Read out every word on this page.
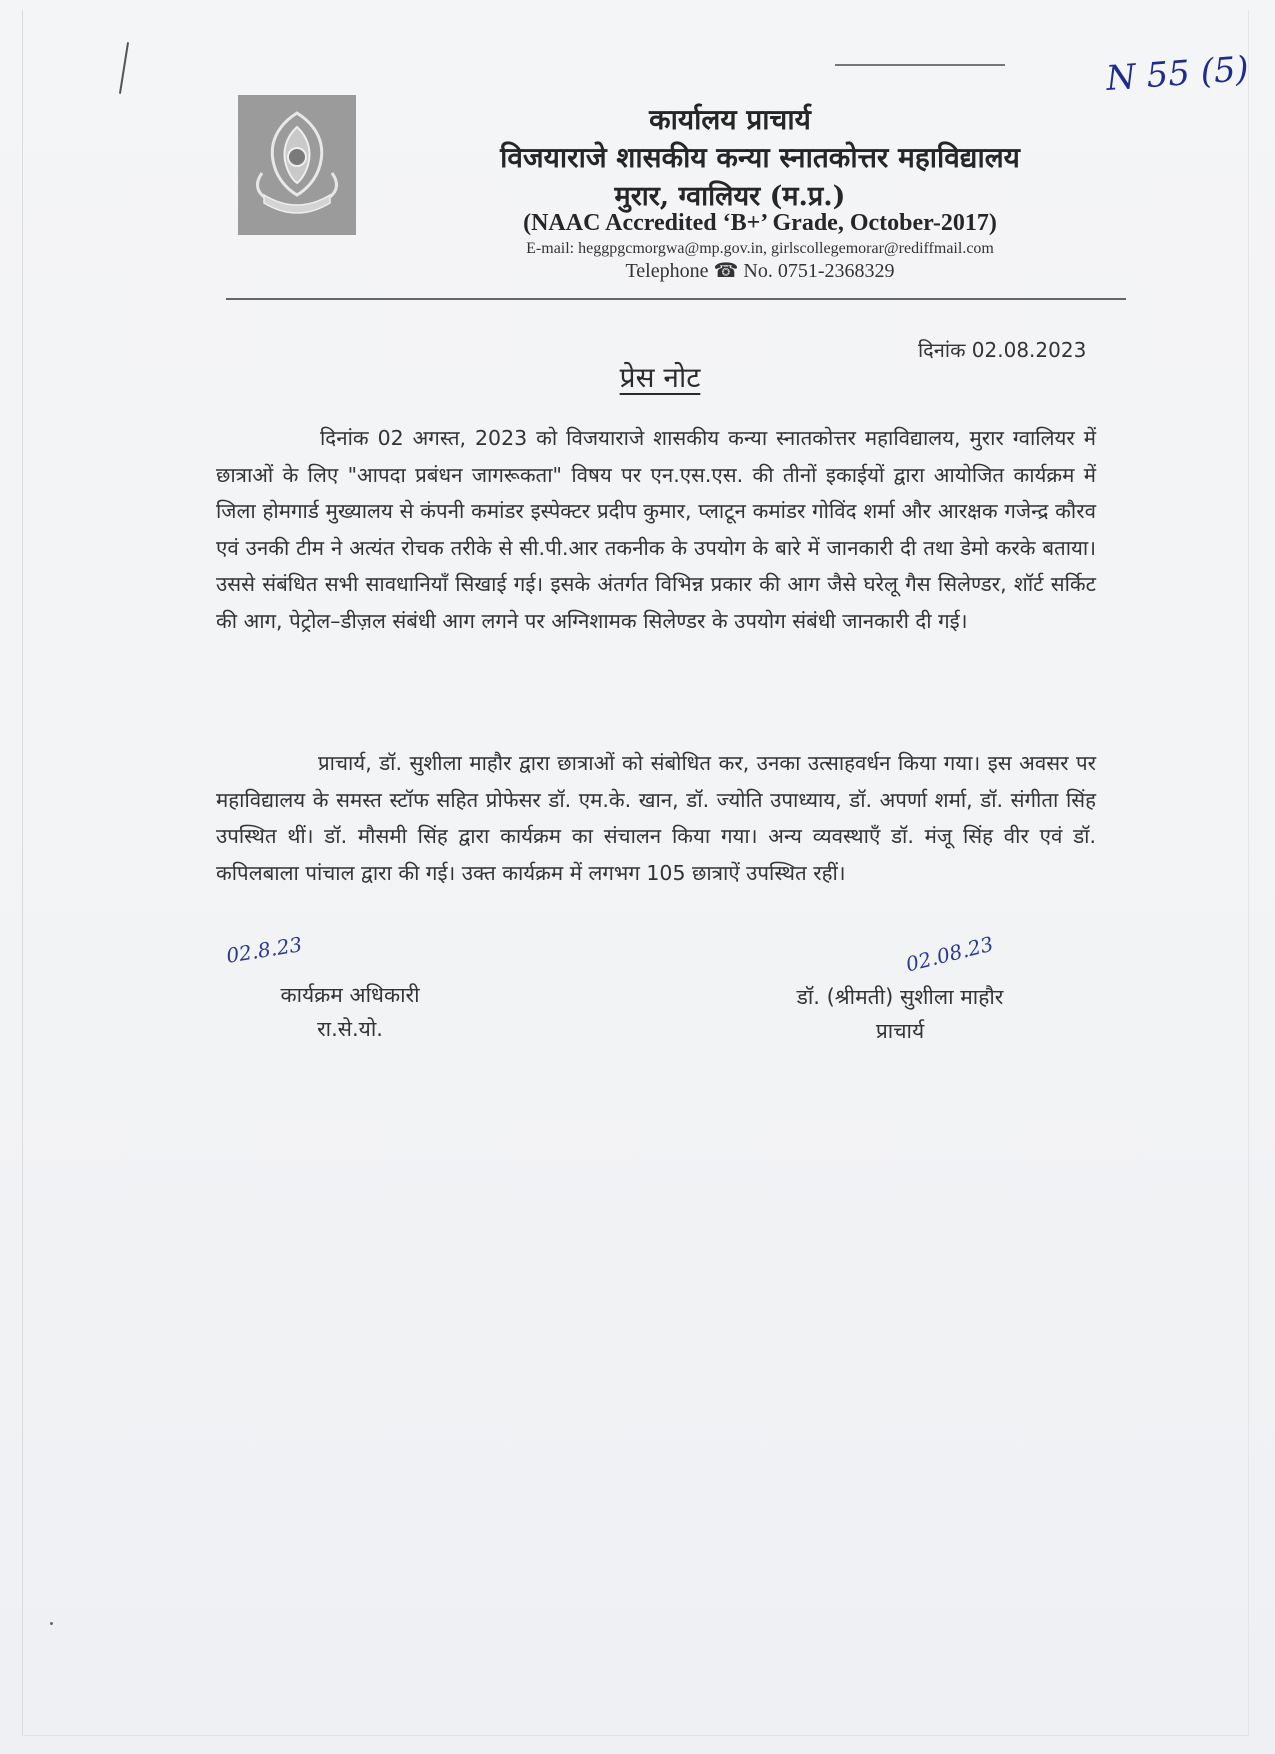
N 55 (5)
कार्यालय प्राचार्य
विजयाराजे शासकीय कन्या स्नातकोत्तर महाविद्यालय
मुरार, ग्वालियर (म.प्र.)
(NAAC Accredited ‘B+’ Grade, October-2017)
E-mail: heggpgcmorgwa@mp.gov.in, girlscollegemorar@rediffmail.com
Telephone ☎ No. 0751-2368329
दिनांक 02.08.2023
प्रेस नोट
दिनांक 02 अगस्त, 2023 को विजयाराजे शासकीय कन्या स्नातकोत्तर महाविद्यालय, मुरार ग्वालियर में छात्राओं के लिए "आपदा प्रबंधन जागरूकता" विषय पर एन.एस.एस. की तीनों इकाईयों द्वारा आयोजित कार्यक्रम में जिला होमगार्ड मुख्यालय से कंपनी कमांडर इस्पेक्टर प्रदीप कुमार, प्लाटून कमांडर गोविंद शर्मा और आरक्षक गजेन्द्र कौरव एवं उनकी टीम ने अत्यंत रोचक तरीके से सी.पी.आर तकनीक के उपयोग के बारे में जानकारी दी तथा डेमो करके बताया। उससे संबंधित सभी सावधानियाँ सिखाई गई। इसके अंतर्गत विभिन्न प्रकार की आग जैसे घरेलू गैस सिलेण्डर, शॉर्ट सर्किट की आग, पेट्रोल–डीज़ल संबंधी आग लगने पर अग्निशामक सिलेण्डर के उपयोग संबंधी जानकारी दी गई।
प्राचार्य, डॉ. सुशीला माहौर द्वारा छात्राओं को संबोधित कर, उनका उत्साहवर्धन किया गया। इस अवसर पर महाविद्यालय के समस्त स्टॉफ सहित प्रोफेसर डॉ. एम.के. खान, डॉ. ज्योति उपाध्याय, डॉ. अपर्णा शर्मा, डॉ. संगीता सिंह उपस्थित थीं। डॉ. मौसमी सिंह द्वारा कार्यक्रम का संचालन किया गया। अन्य व्यवस्थाएँ डॉ. मंजू सिंह वीर एवं डॉ. कपिलबाला पांचाल द्वारा की गई। उक्त कार्यक्रम में लगभग 105 छात्राऐं उपस्थित रहीं।
02.8.23
कार्यक्रम अधिकारी
रा.से.यो.
02.08.23
डॉ. (श्रीमती) सुशीला माहौर
प्राचार्य
